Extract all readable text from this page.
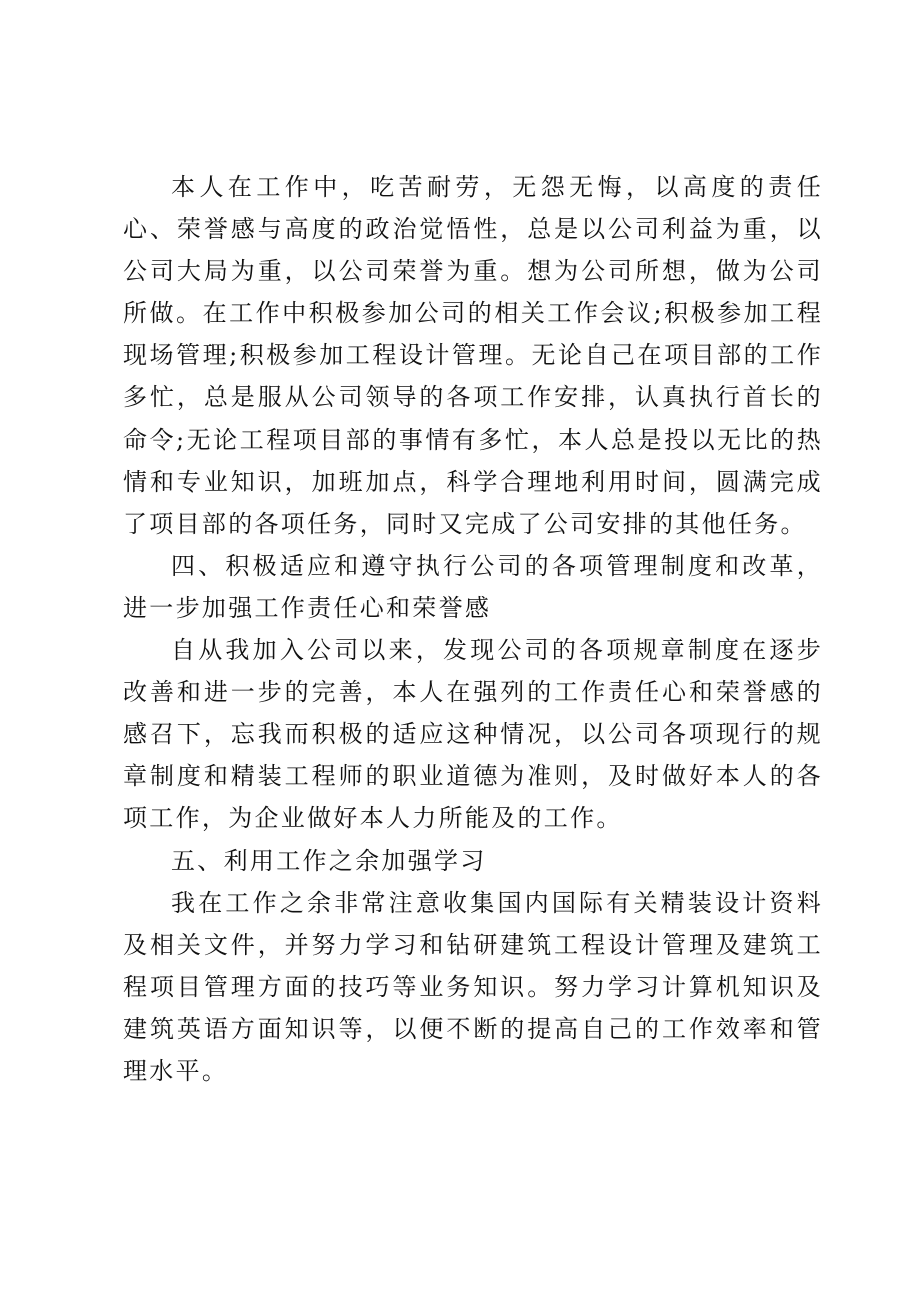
本人在工作中，吃苦耐劳，无怨无悔，以高度的责任心、荣誉感与高度的政治觉悟性，总是以公司利益为重，以公司大局为重，以公司荣誉为重。想为公司所想，做为公司所做。在工作中积极参加公司的相关工作会议;积极参加工程现场管理;积极参加工程设计管理。无论自己在项目部的工作多忙，总是服从公司领导的各项工作安排，认真执行首长的命令;无论工程项目部的事情有多忙，本人总是投以无比的热情和专业知识，加班加点，科学合理地利用时间，圆满完成了项目部的各项任务，同时又完成了公司安排的其他任务。

四、积极适应和遵守执行公司的各项管理制度和改革，进一步加强工作责任心和荣誉感

自从我加入公司以来，发现公司的各项规章制度在逐步改善和进一步的完善，本人在强列的工作责任心和荣誉感的感召下，忘我而积极的适应这种情况，以公司各项现行的规章制度和精装工程师的职业道德为准则，及时做好本人的各项工作，为企业做好本人力所能及的工作。

五、利用工作之余加强学习

我在工作之余非常注意收集国内国际有关精装设计资料及相关文件，并努力学习和钻研建筑工程设计管理及建筑工程项目管理方面的技巧等业务知识。努力学习计算机知识及建筑英语方面知识等，以便不断的提高自己的工作效率和管理水平。
